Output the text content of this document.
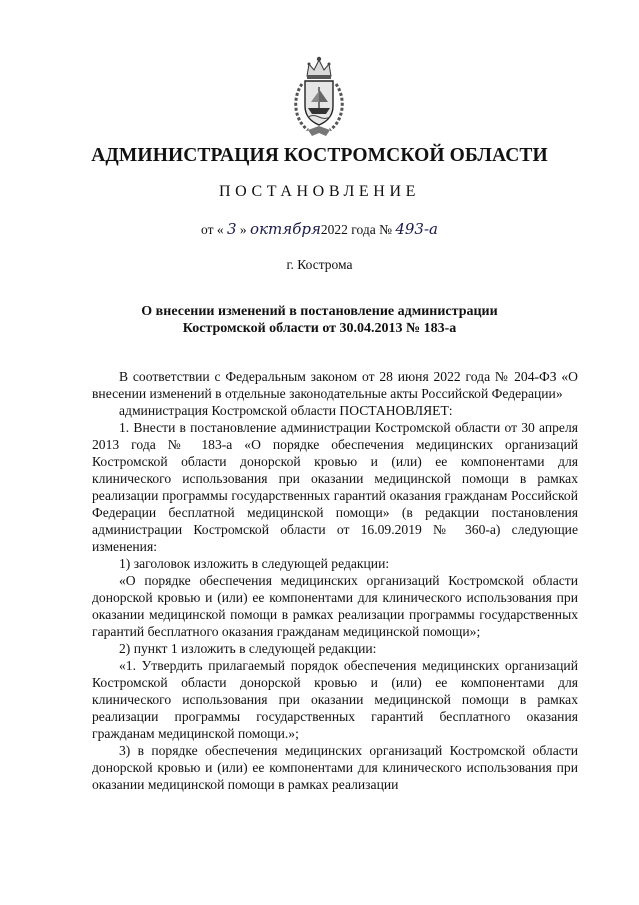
АДМИНИСТРАЦИЯ КОСТРОМСКОЙ ОБЛАСТИ
ПОСТАНОВЛЕНИЕ
от « 3 » октября2022 года № 493-а
г. Кострома
О внесении изменений в постановление администрации
Костромской области от 30.04.2013 № 183-а

В соответствии с Федеральным законом от 28 июня 2022 года № 204-ФЗ «О внесении изменений в отдельные законодательные акты Российской Федерации»

администрация Костромской области ПОСТАНОВЛЯЕТ:

1. Внести в постановление администрации Костромской области от 30 апреля 2013 года № 183-а «О порядке обеспечения медицинских организаций Костромской области донорской кровью и (или) ее компонентами для клинического использования при оказании медицинской помощи в рамках реализации программы государственных гарантий оказания гражданам Российской Федерации бесплатной медицинской помощи» (в редакции постановления администрации Костромской области от 16.09.2019 № 360-а) следующие изменения:

1) заголовок изложить в следующей редакции:

«О порядке обеспечения медицинских организаций Костромской области донорской кровью и (или) ее компонентами для клинического использования при оказании медицинской помощи в рамках реализации программы государственных гарантий бесплатного оказания гражданам медицинской помощи»;

2) пункт 1 изложить в следующей редакции:

«1. Утвердить прилагаемый порядок обеспечения медицинских организаций Костромской области донорской кровью и (или) ее компонентами для клинического использования при оказании медицинской помощи в рамках реализации программы государственных гарантий бесплатного оказания гражданам медицинской помощи.»;

3) в порядке обеспечения медицинских организаций Костромской области донорской кровью и (или) ее компонентами для клинического использования при оказании медицинской помощи в рамках реализации
